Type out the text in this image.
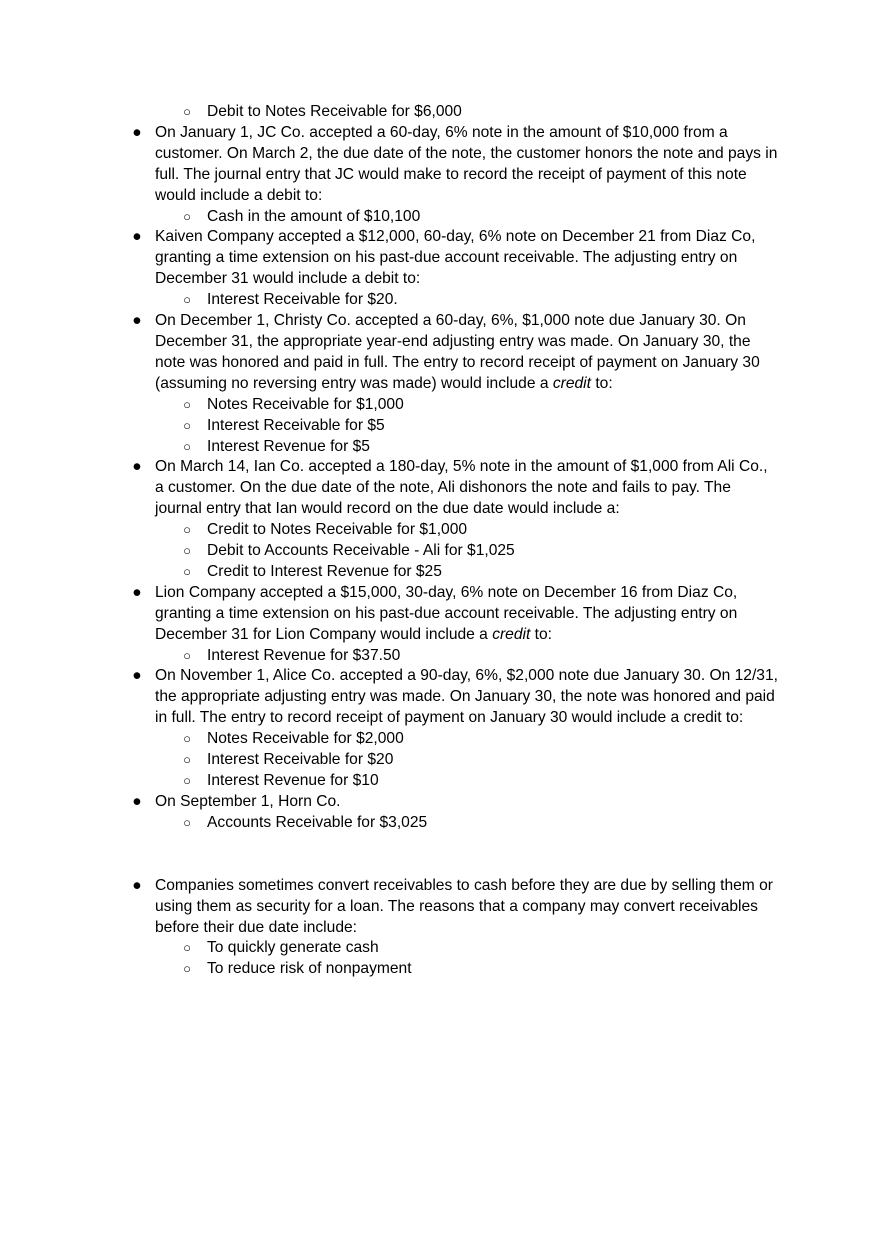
○ Debit to Notes Receivable for $6,000
● On January 1, JC Co. accepted a 60-day, 6% note in the amount of $10,000 from a customer. On March 2, the due date of the note, the customer honors the note and pays in full. The journal entry that JC would make to record the receipt of payment of this note would include a debit to:
○ Cash in the amount of $10,100
● Kaiven Company accepted a $12,000, 60-day, 6% note on December 21 from Diaz Co, granting a time extension on his past-due account receivable. The adjusting entry on December 31 would include a debit to:
○ Interest Receivable for $20.
● On December 1, Christy Co. accepted a 60-day, 6%, $1,000 note due January 30. On December 31, the appropriate year-end adjusting entry was made. On January 30, the note was honored and paid in full. The entry to record receipt of payment on January 30 (assuming no reversing entry was made) would include a credit to:
○ Notes Receivable for $1,000
○ Interest Receivable for $5
○ Interest Revenue for $5
● On March 14, Ian Co. accepted a 180-day, 5% note in the amount of $1,000 from Ali Co., a customer. On the due date of the note, Ali dishonors the note and fails to pay. The journal entry that Ian would record on the due date would include a:
○ Credit to Notes Receivable for $1,000
○ Debit to Accounts Receivable - Ali for $1,025
○ Credit to Interest Revenue for $25
● Lion Company accepted a $15,000, 30-day, 6% note on December 16 from Diaz Co, granting a time extension on his past-due account receivable. The adjusting entry on December 31 for Lion Company would include a credit to:
○ Interest Revenue for $37.50
● On November 1, Alice Co. accepted a 90-day, 6%, $2,000 note due January 30. On 12/31, the appropriate adjusting entry was made. On January 30, the note was honored and paid in full. The entry to record receipt of payment on January 30 would include a credit to:
○ Notes Receivable for $2,000
○ Interest Receivable for $20
○ Interest Revenue for $10
● On September 1, Horn Co.
○ Accounts Receivable for $3,025
● Companies sometimes convert receivables to cash before they are due by selling them or using them as security for a loan. The reasons that a company may convert receivables before their due date include:
○ To quickly generate cash
○ To reduce risk of nonpayment
